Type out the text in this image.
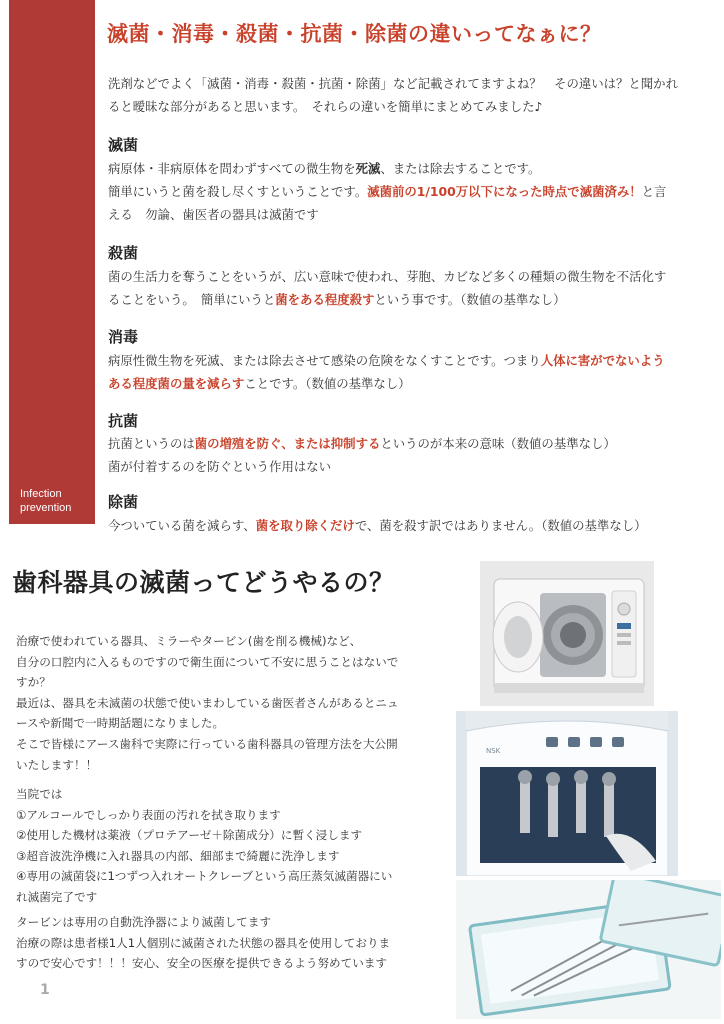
Infection
prevention
滅菌・消毒・殺菌・抗菌・除菌の違いってなぁに？
洗剤などでよく「滅菌・消毒・殺菌・抗菌・除菌」など記載されてますよね？　その違いは？と聞かれ
ると曖昧な部分があると思います。　それらの違いを簡単にまとめてみました♪
滅菌
病原体・非病原体を問わずすべての微生物を死滅、または除去することです。
簡単にいうと菌を殺し尽くすということです。滅菌前の1/100万以下になった時点で滅菌済み！と言
える　勿論、歯医者の器具は滅菌です
殺菌
菌の生活力を奪うことをいうが、広い意味で使われ、芽胞、カビなど多くの種類の微生物を不活化す
ることをいう。　簡単にいうと菌をある程度殺すという事です。（数値の基準なし）
消毒
病原性微生物を死滅、または除去させて感染の危険をなくすことです。つまり人体に害がでないよう
ある程度菌の量を減らすことです。（数値の基準なし）
抗菌
抗菌というのは菌の増殖を防ぐ、または抑制するというのが本来の意味（数値の基準なし）
菌が付着するのを防ぐという作用はない
除菌
今ついている菌を減らす、菌を取り除くだけで、菌を殺す訳ではありません。（数値の基準なし）
歯科器具の滅菌ってどうやるの？

治療で使われている器具、ミラーやタービン(歯を削る機械)など、

自分の口腔内に入るものですので衛生面について不安に思うことはないで

すか？

最近は、器具を未滅菌の状態で使いまわしている歯医者さんがあるとニュ

ースや新聞で一時期話題になりました。

そこで皆様にアース歯科で実際に行っている歯科器具の管理方法を大公開

いたします！！

当院では

①アルコールでしっかり表面の汚れを拭き取ります

②使用した機材は薬液（プロテアーゼ＋除菌成分）に暫く浸します

③超音波洗浄機に入れ器具の内部、細部まで綺麗に洗浄します

④専用の滅菌袋に1つずつ入れオートクレーブという高圧蒸気滅菌器にい

れ滅菌完了です

タービンは専用の自動洗浄器により滅菌してます

治療の際は患者様1人1人個別に滅菌された状態の器具を使用しておりま

すので安心です！！！安心、安全の医療を提供できるよう努めています

1
NSK
